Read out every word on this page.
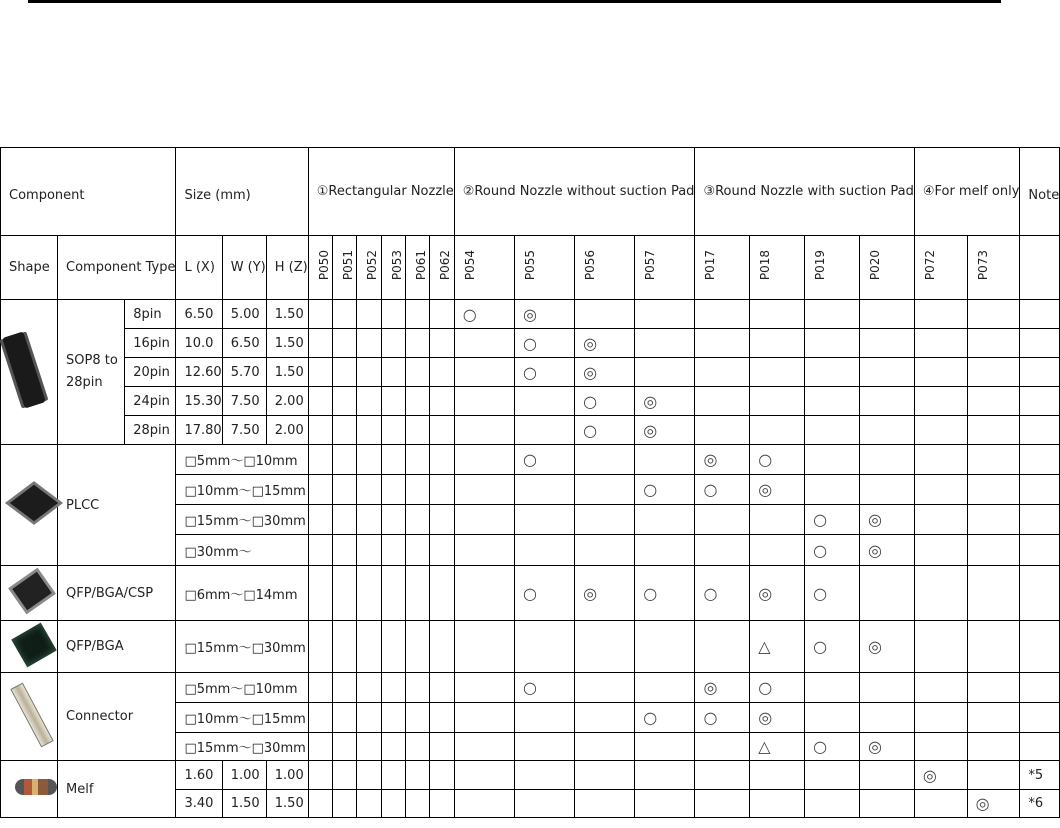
Component			Size (mm)			①Rectangular Nozzle						②Round Nozzle without suction Pad				③Round Nozzle with suction Pad				④For melf only		Note
Shape	Component Type		L (X)	W (Y)	H (Z)	P050	P051	P052	P053	P061	P062	P054	P055	P056	P057	P017	P018	P019	P020	P072	P073	
	SOP8 to 28pin	8pin	6.50	5.00	1.50							○	◎									
		16pin	10.0	6.50	1.50								○	◎								
		20pin	12.60	5.70	1.50								○	◎								
		24pin	15.30	7.50	2.00									○	◎							
		28pin	17.80	7.50	2.00									○	◎							
	PLCC		□5mm～□10mm										○			◎	○					
			□10mm～□15mm												○	○	◎					
			□15mm～□30mm															○	◎			
			□30mm～															○	◎			
	QFP/BGA/CSP		□6mm～□14mm										○	◎	○	○	◎	○				
	QFP/BGA		□15mm～□30mm														△	○	◎			
	Connector		□5mm～□10mm										○			◎	○					
			□10mm～□15mm												○	○	◎					
			□15mm～□30mm														△	○	◎			
	Melf		1.60	1.00	1.00															◎		*5
			3.40	1.50	1.50																◎	*6
